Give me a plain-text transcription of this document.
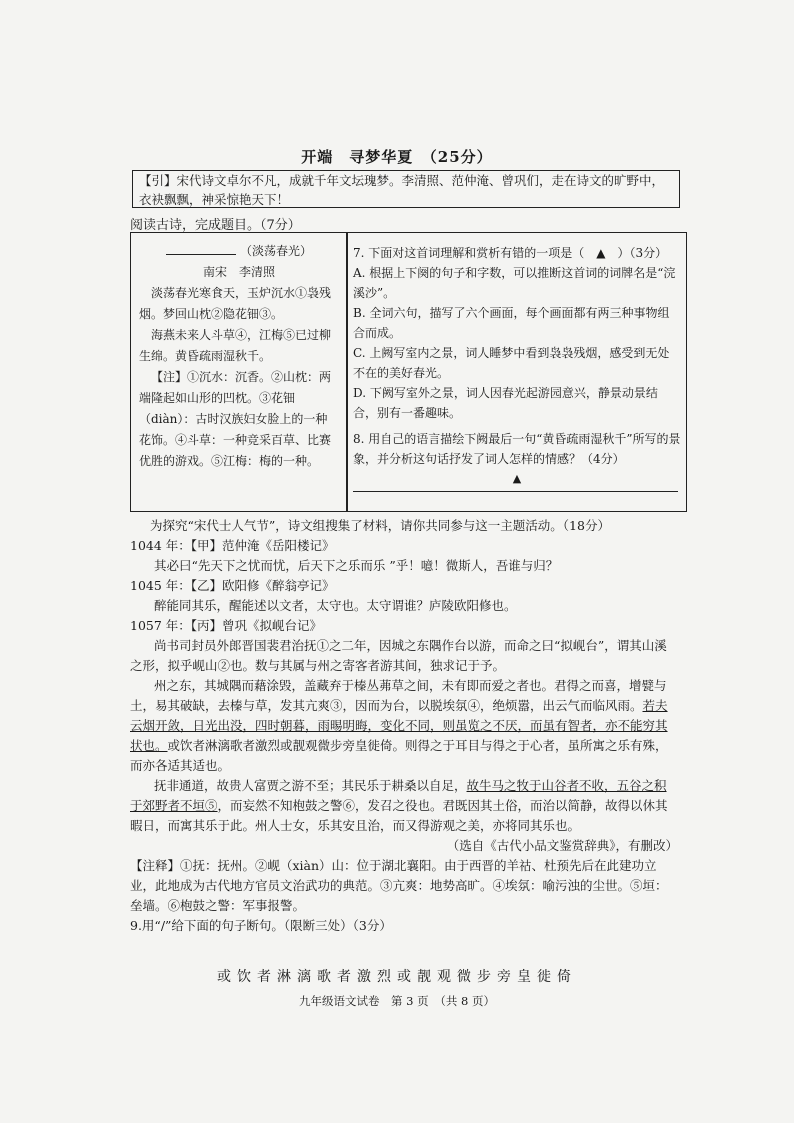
开端　寻梦华夏　（25分）
【引】宋代诗文卓尔不凡，成就千年文坛瑰梦。李清照、范仲淹、曾巩们，走在诗文的旷野中，衣袂飘飘，神采惊艳天下！
阅读古诗，完成题目。（7分）
（淡荡春光）
南宋　李清照
淡荡春光寒食天，玉炉沉水①袅残烟。梦回山枕②隐花钿③。
海燕未来人斗草④，江梅⑤已过柳生绵。黄昏疏雨湿秋千。
【注】①沉水：沉香。②山枕：两端隆起如山形的凹枕。③花钿（diàn）：古时汉族妇女脸上的一种花饰。④斗草：一种竞采百草、比赛优胜的游戏。⑤江梅：梅的一种。
7. 下面对这首词理解和赏析有错的一项是（　▲　）（3分）
A. 根据上下阕的句子和字数，可以推断这首词的词牌名是“浣溪沙”。
B. 全词六句，描写了六个画面，每个画面都有两三种事物组合而成。
C. 上阙写室内之景，词人睡梦中看到袅袅残烟，感受到无处不在的美好春光。
D. 下阙写室外之景，词人因春光起游园意兴，静景动景结合，别有一番趣味。
8. 用自己的语言描绘下阙最后一句“黄昏疏雨湿秋千”所写的景象，并分析这句话抒发了词人怎样的情感？（4分）
▲
为探究“宋代士人气节”，诗文组搜集了材料，请你共同参与这一主题活动。（18分）
1044 年：【甲】范仲淹《岳阳楼记》
其必曰“先天下之忧而忧，后天下之乐而乐 ”乎！噫！微斯人，吾谁与归？
1045 年：【乙】欧阳修《醉翁亭记》
醉能同其乐，醒能述以文者，太守也。太守谓谁？庐陵欧阳修也。
1057 年：【丙】曾巩《拟岘台记》
尚书司封员外郎晋国裴君治抚①之二年，因城之东隅作台以游，而命之曰“拟岘台”，谓其山溪之形，拟乎岘山②也。数与其属与州之寄客者游其间，独求记于予。
州之东，其城隅而藉涂毁，盖藏弃于榛丛茀草之间，未有即而爱之者也。君得之而喜，增甓与土，易其破缺，去榛与草，发其亢爽③，因而为台，以脱埃氛④，绝烦嚣，出云气而临风雨。若夫云烟开敛，日光出没，四时朝暮，雨晹明晦，变化不同，则虽览之不厌，而虽有智者，亦不能穷其状也。或饮者淋漓歌者激烈或靓观微步旁皇徙倚。则得之于耳目与得之于心者，虽所寓之乐有殊，而亦各适其适也。
抚非通道，故贵人富贾之游不至；其民乐于耕桑以自足，故牛马之牧于山谷者不收，五谷之积于郊野者不垣⑤，而妄然不知枹鼓之警⑥，发召之役也。君既因其土俗，而治以简静，故得以休其暇日，而寓其乐于此。州人士女，乐其安且治，而又得游观之美，亦将同其乐也。
（选自《古代小品文鉴赏辞典》，有删改）
【注释】①抚：抚州。②岘（xiàn）山：位于湖北襄阳。由于西晋的羊祜、杜预先后在此建功立业，此地成为古代地方官员文治武功的典范。③亢爽：地势高旷。④埃氛：喻污浊的尘世。⑤垣：垒墙。⑥枹鼓之警：军事报警。
9.用“/”给下面的句子断句。（限断三处）（3分）
或饮者淋漓歌者激烈或靓观微步旁皇徙倚
九年级语文试卷　第 3 页　（共 8 页）
